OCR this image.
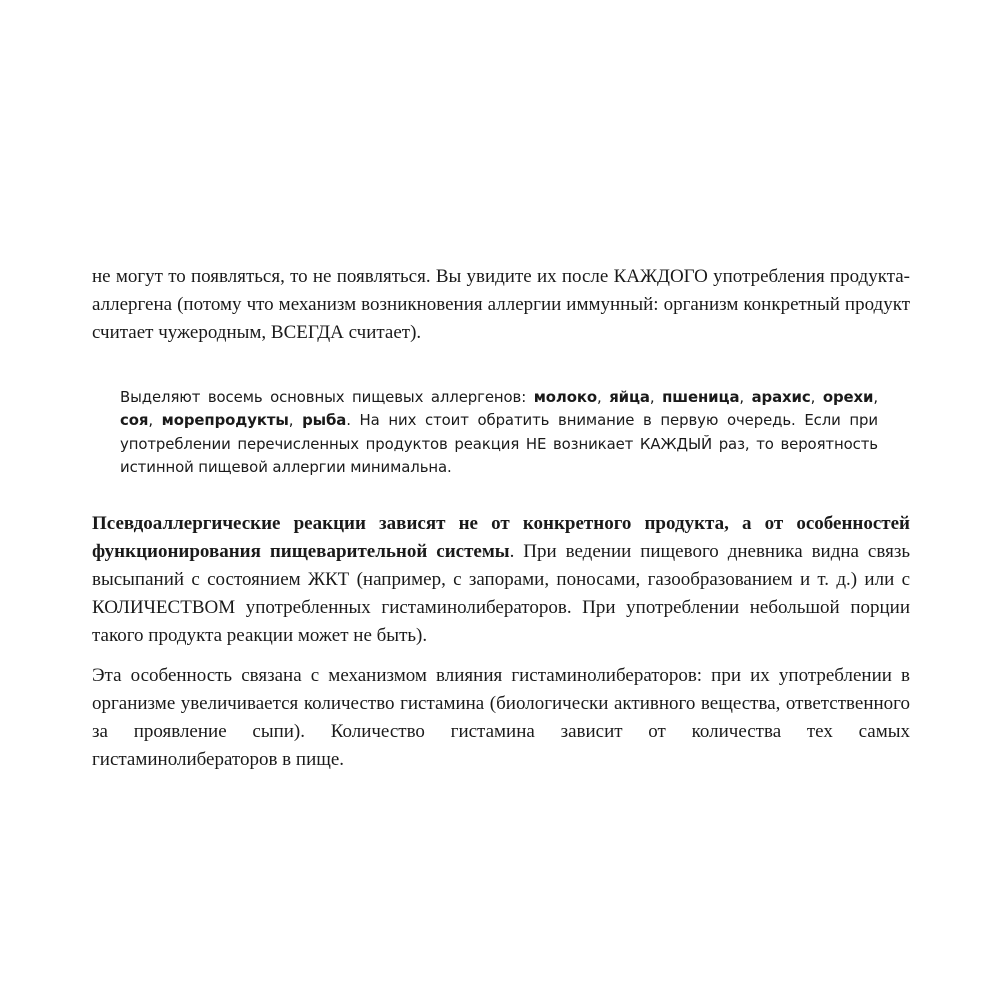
не могут то появляться, то не появляться. Вы увидите их после КАЖДОГО употребления продукта-аллергена (потому что механизм возникновения аллергии иммунный: организм конкретный продукт считает чужеродным, ВСЕГДА считает).

Выделяют восемь основных пищевых аллергенов: молоко, яйца, пшеница, арахис, орехи, соя, морепродукты, рыба. На них стоит обратить внимание в первую очередь. Если при употреблении перечисленных продуктов реакция НЕ возникает КАЖДЫЙ раз, то вероятность истинной пищевой аллергии минимальна.

Псевдоаллергические реакции зависят не от конкретного продукта, а от особенностей функционирования пищеварительной системы. При ведении пищевого дневника видна связь высыпаний с состоянием ЖКТ (например, с запорами, поносами, газообразованием и т. д.) или с КОЛИЧЕСТВОМ употребленных гистаминолибераторов. При употреблении небольшой порции такого продукта реакции может не быть).

Эта особенность связана с механизмом влияния гистаминолибераторов: при их употреблении в организме увеличивается количество гистамина (биологически активного вещества, ответственного за проявление сыпи). Количество гистамина зависит от количества тех самых гистаминолибераторов в пище.
